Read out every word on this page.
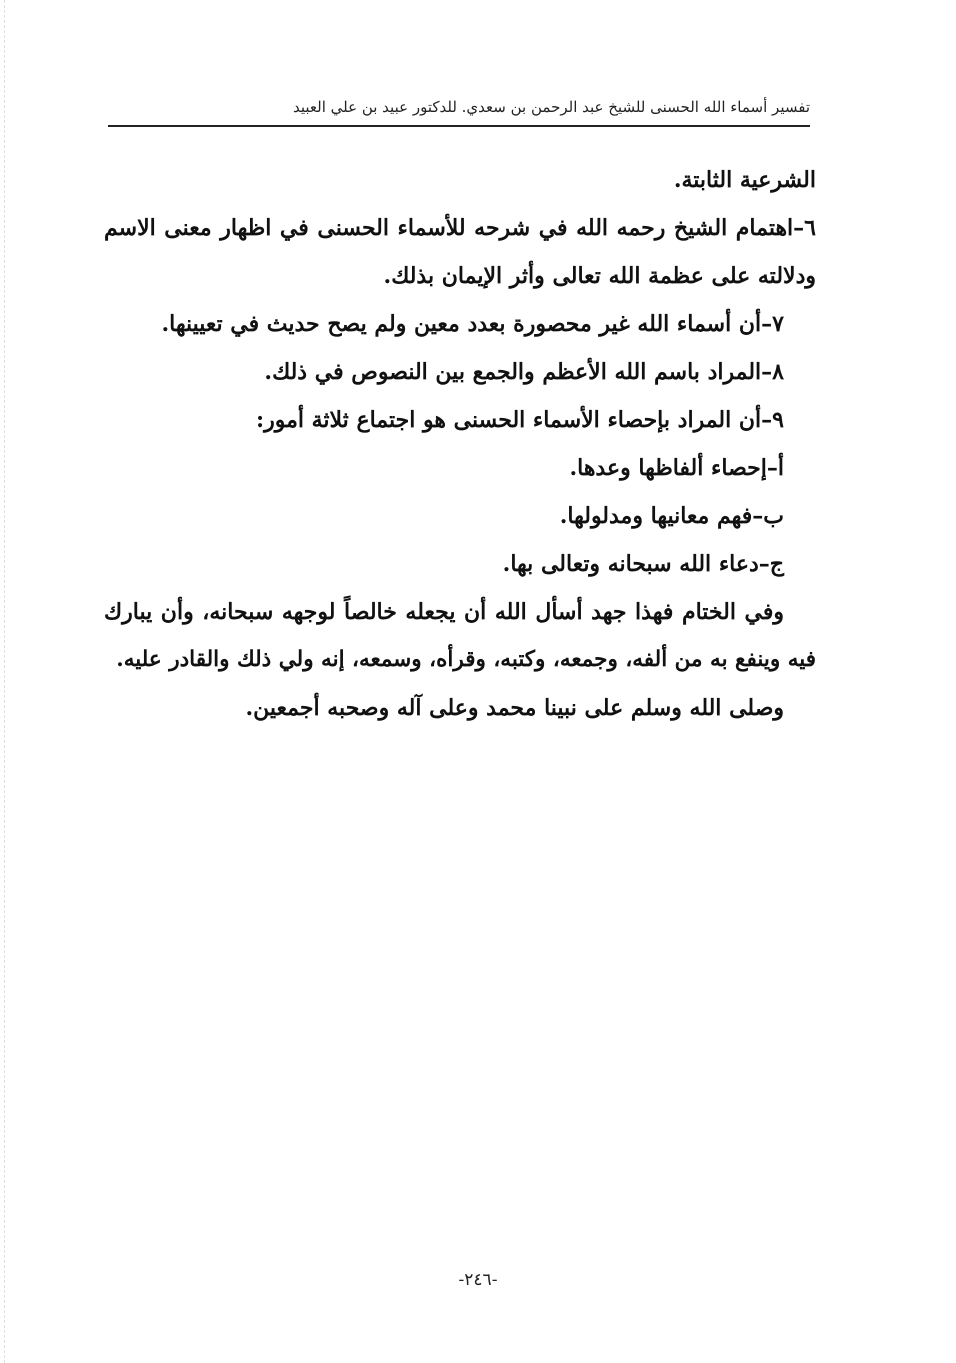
تفسير أسماء الله الحسنى للشيخ عبد الرحمن بن سعدي. للدكتور عبيد بن علي العبيد
الشرعية الثابتة.
٦–اهتمام الشيخ رحمه الله في شرحه للأسماء الحسنى في اظهار معنى الاسم
ودلالته على عظمة الله تعالى وأثر الإيمان بذلك.
٧–أن أسماء الله غير محصورة بعدد معين ولم يصح حديث في تعيينها.
٨–المراد باسم الله الأعظم والجمع بين النصوص في ذلك.
٩–أن المراد بإحصاء الأسماء الحسنى هو اجتماع ثلاثة أمور:
أ–إحصاء ألفاظها وعدها.
ب–فهم معانيها ومدلولها.
ج–دعاء الله سبحانه وتعالى بها.
وفي الختام فهذا جهد أسأل الله أن يجعله خالصاً لوجهه سبحانه، وأن يبارك
فيه وينفع به من ألفه، وجمعه، وكتبه، وقرأه، وسمعه، إنه ولي ذلك والقادر عليه.
وصلى الله وسلم على نبينا محمد وعلى آله وصحبه أجمعين.
-٢٤٦-
